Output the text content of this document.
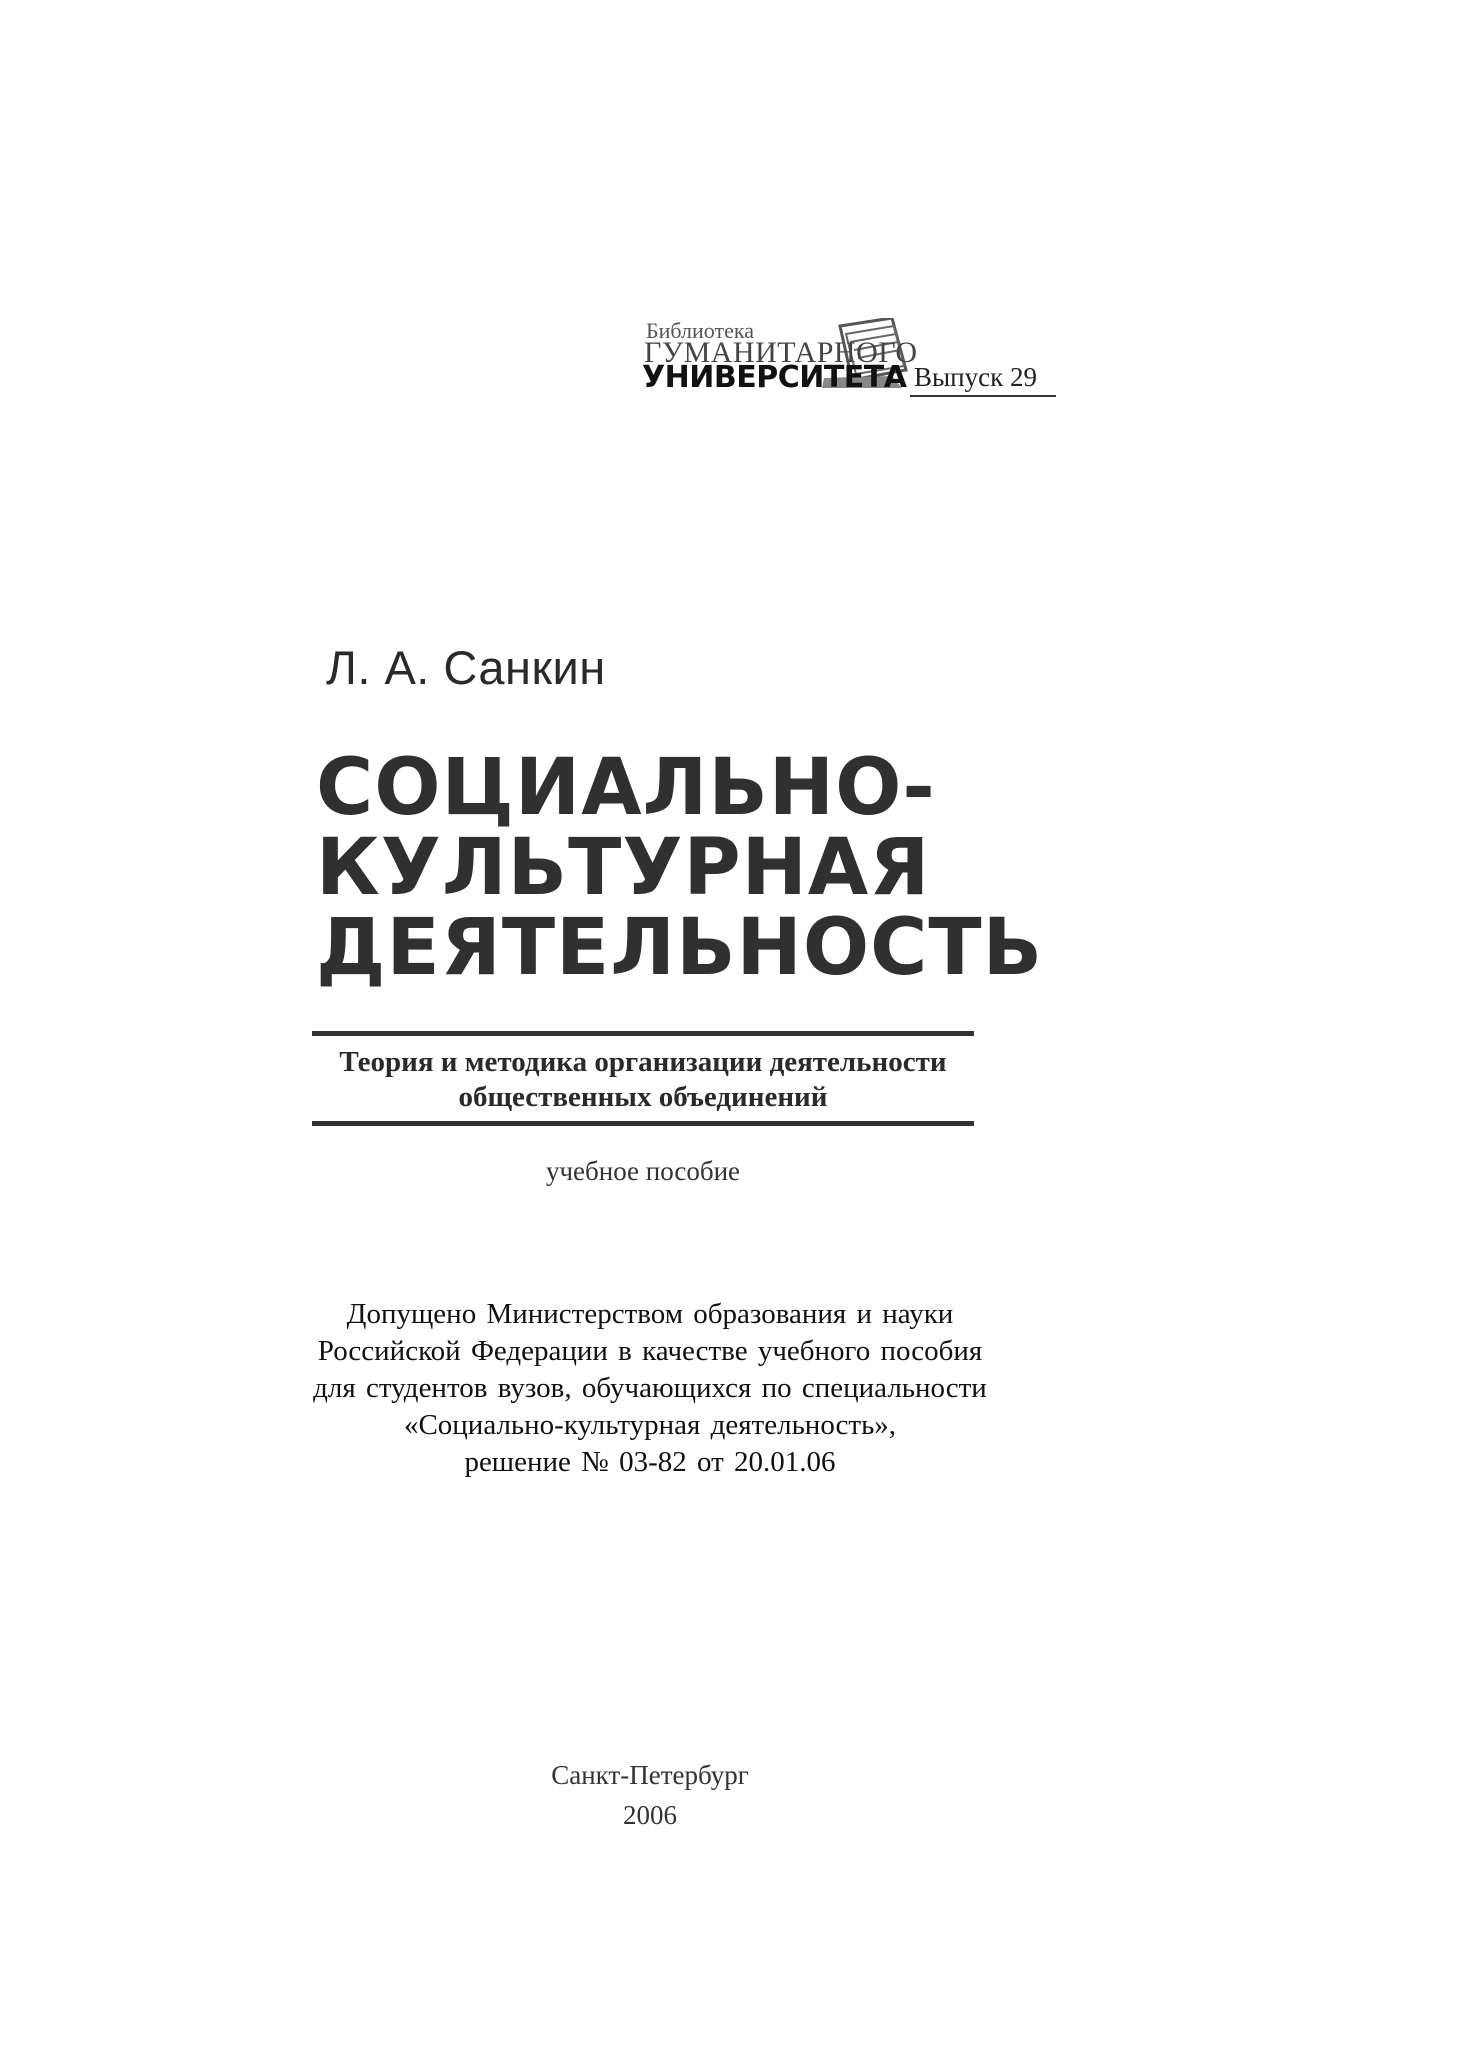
Библиотека
ГУМАНИТАРНОГО
УНИВЕРСИТЕТА Выпуск 29
Л. А. Санкин
СОЦИАЛЬНО-
КУЛЬТУРНАЯ
ДЕЯТЕЛЬНОСТЬ
Теория и методика организации деятельности
общественных объединений
учебное пособие
Допущено Министерством образования и науки
Российской Федерации в качестве учебного пособия
для студентов вузов, обучающихся по специальности
«Социально-культурная деятельность»,
решение № 03-82 от 20.01.06
Санкт-Петербург
2006
